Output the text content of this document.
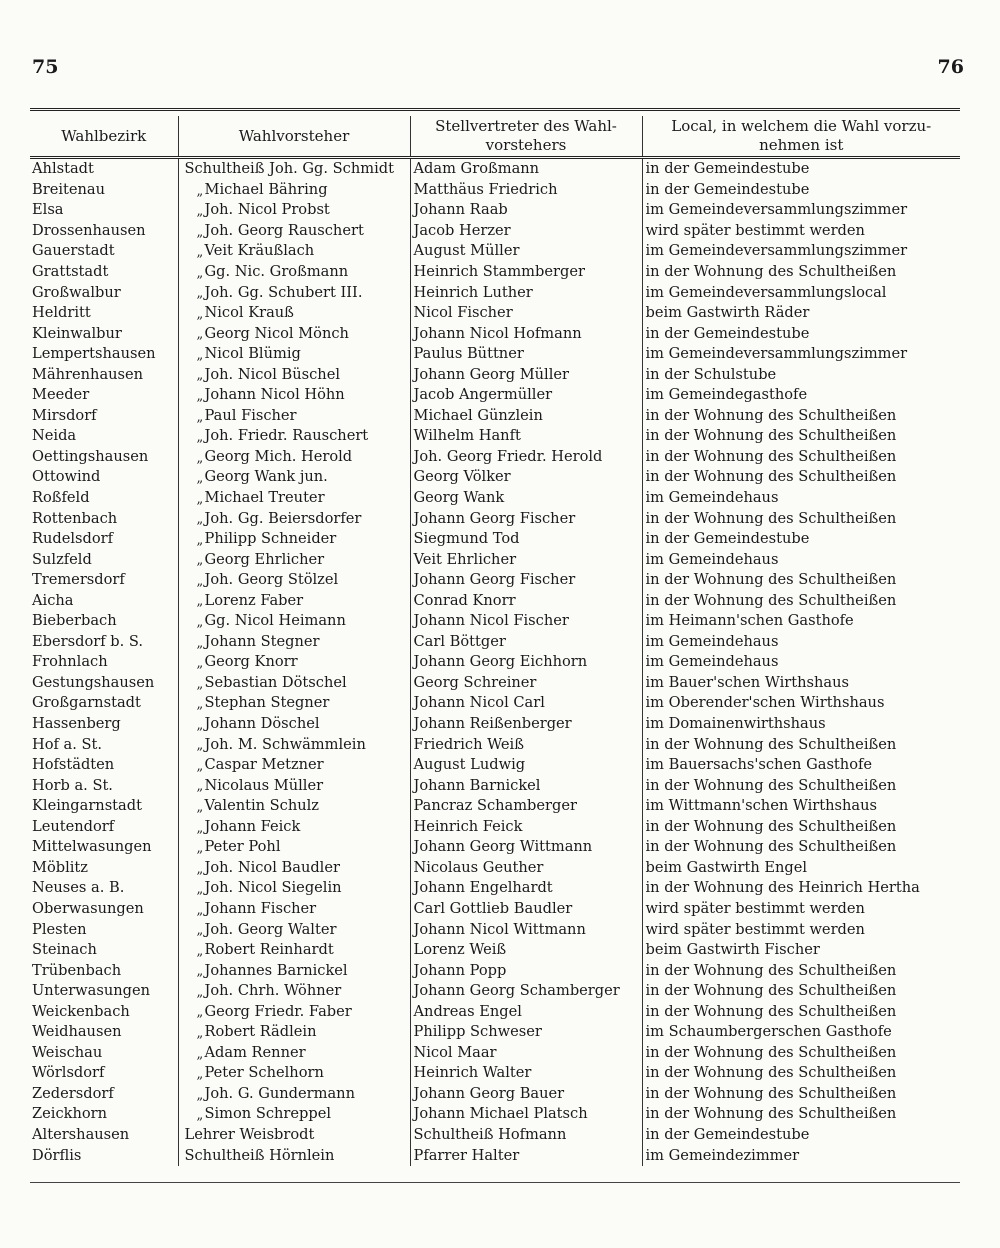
75	76
Wahlbezirk	Wahlvorsteher	Stellvertreter des Wahl-vorstehers	Local, in welchem die Wahl vorzu-nehmen ist
Ahlstadt	Schultheiß Joh. Gg. Schmidt	Adam Großmann	in der Gemeindestube
Breitenau	„ Michael Bähring	Matthäus Friedrich	in der Gemeindestube
Elsa	„ Joh. Nicol Probst	Johann Raab	im Gemeindeversammlungszimmer
Drossenhausen	„ Joh. Georg Rauschert	Jacob Herzer	wird später bestimmt werden
Gauerstadt	„ Veit Kräußlach	August Müller	im Gemeindeversammlungszimmer
Grattstadt	„ Gg. Nic. Großmann	Heinrich Stammberger	in der Wohnung des Schultheißen
Großwalbur	„ Joh. Gg. Schubert III.	Heinrich Luther	im Gemeindeversammlungslocal
Heldritt	„ Nicol Krauß	Nicol Fischer	beim Gastwirth Räder
Kleinwalbur	„ Georg Nicol Mönch	Johann Nicol Hofmann	in der Gemeindestube
Lempertshausen	„ Nicol Blümig	Paulus Büttner	im Gemeindeversammlungszimmer
Mährenhausen	„ Joh. Nicol Büschel	Johann Georg Müller	in der Schulstube
Meeder	„ Johann Nicol Höhn	Jacob Angermüller	im Gemeindegasthofe
Mirsdorf	„ Paul Fischer	Michael Günzlein	in der Wohnung des Schultheißen
Neida	„ Joh. Friedr. Rauschert	Wilhelm Hanft	in der Wohnung des Schultheißen
Oettingshausen	„ Georg Mich. Herold	Joh. Georg Friedr. Herold	in der Wohnung des Schultheißen
Ottowind	„ Georg Wank jun.	Georg Völker	in der Wohnung des Schultheißen
Roßfeld	„ Michael Treuter	Georg Wank	im Gemeindehaus
Rottenbach	„ Joh. Gg. Beiersdorfer	Johann Georg Fischer	in der Wohnung des Schultheißen
Rudelsdorf	„ Philipp Schneider	Siegmund Tod	in der Gemeindestube
Sulzfeld	„ Georg Ehrlicher	Veit Ehrlicher	im Gemeindehaus
Tremersdorf	„ Joh. Georg Stölzel	Johann Georg Fischer	in der Wohnung des Schultheißen
Aicha	„ Lorenz Faber	Conrad Knorr	in der Wohnung des Schultheißen
Bieberbach	„ Gg. Nicol Heimann	Johann Nicol Fischer	im Heimann'schen Gasthofe
Ebersdorf b. S.	„ Johann Stegner	Carl Böttger	im Gemeindehaus
Frohnlach	„ Georg Knorr	Johann Georg Eichhorn	im Gemeindehaus
Gestungshausen	„ Sebastian Dötschel	Georg Schreiner	im Bauer'schen Wirthshaus
Großgarnstadt	„ Stephan Stegner	Johann Nicol Carl	im Oberender'schen Wirthshaus
Hassenberg	„ Johann Döschel	Johann Reißenberger	im Domainenwirthshaus
Hof a. St.	„ Joh. M. Schwämmlein	Friedrich Weiß	in der Wohnung des Schultheißen
Hofstädten	„ Caspar Metzner	August Ludwig	im Bauersachs'schen Gasthofe
Horb a. St.	„ Nicolaus Müller	Johann Barnickel	in der Wohnung des Schultheißen
Kleingarnstadt	„ Valentin Schulz	Pancraz Schamberger	im Wittmann'schen Wirthshaus
Leutendorf	„ Johann Feick	Heinrich Feick	in der Wohnung des Schultheißen
Mittelwasungen	„ Peter Pohl	Johann Georg Wittmann	in der Wohnung des Schultheißen
Möblitz	„ Joh. Nicol Baudler	Nicolaus Geuther	beim Gastwirth Engel
Neuses a. B.	„ Joh. Nicol Siegelin	Johann Engelhardt	in der Wohnung des Heinrich Hertha
Oberwasungen	„ Johann Fischer	Carl Gottlieb Baudler	wird später bestimmt werden
Plesten	„ Joh. Georg Walter	Johann Nicol Wittmann	wird später bestimmt werden
Steinach	„ Robert Reinhardt	Lorenz Weiß	beim Gastwirth Fischer
Trübenbach	„ Johannes Barnickel	Johann Popp	in der Wohnung des Schultheißen
Unterwasungen	„ Joh. Chrh. Wöhner	Johann Georg Schamberger	in der Wohnung des Schultheißen
Weickenbach	„ Georg Friedr. Faber	Andreas Engel	in der Wohnung des Schultheißen
Weidhausen	„ Robert Rädlein	Philipp Schweser	im Schaumbergerschen Gasthofe
Weischau	„ Adam Renner	Nicol Maar	in der Wohnung des Schultheißen
Wörlsdorf	„ Peter Schelhorn	Heinrich Walter	in der Wohnung des Schultheißen
Zedersdorf	„ Joh. G. Gundermann	Johann Georg Bauer	in der Wohnung des Schultheißen
Zeickhorn	„ Simon Schreppel	Johann Michael Platsch	in der Wohnung des Schultheißen
Altershausen	Lehrer Weisbrodt	Schultheiß Hofmann	in der Gemeindestube
Dörflis	Schultheiß Hörnlein	Pfarrer Halter	im Gemeindezimmer
